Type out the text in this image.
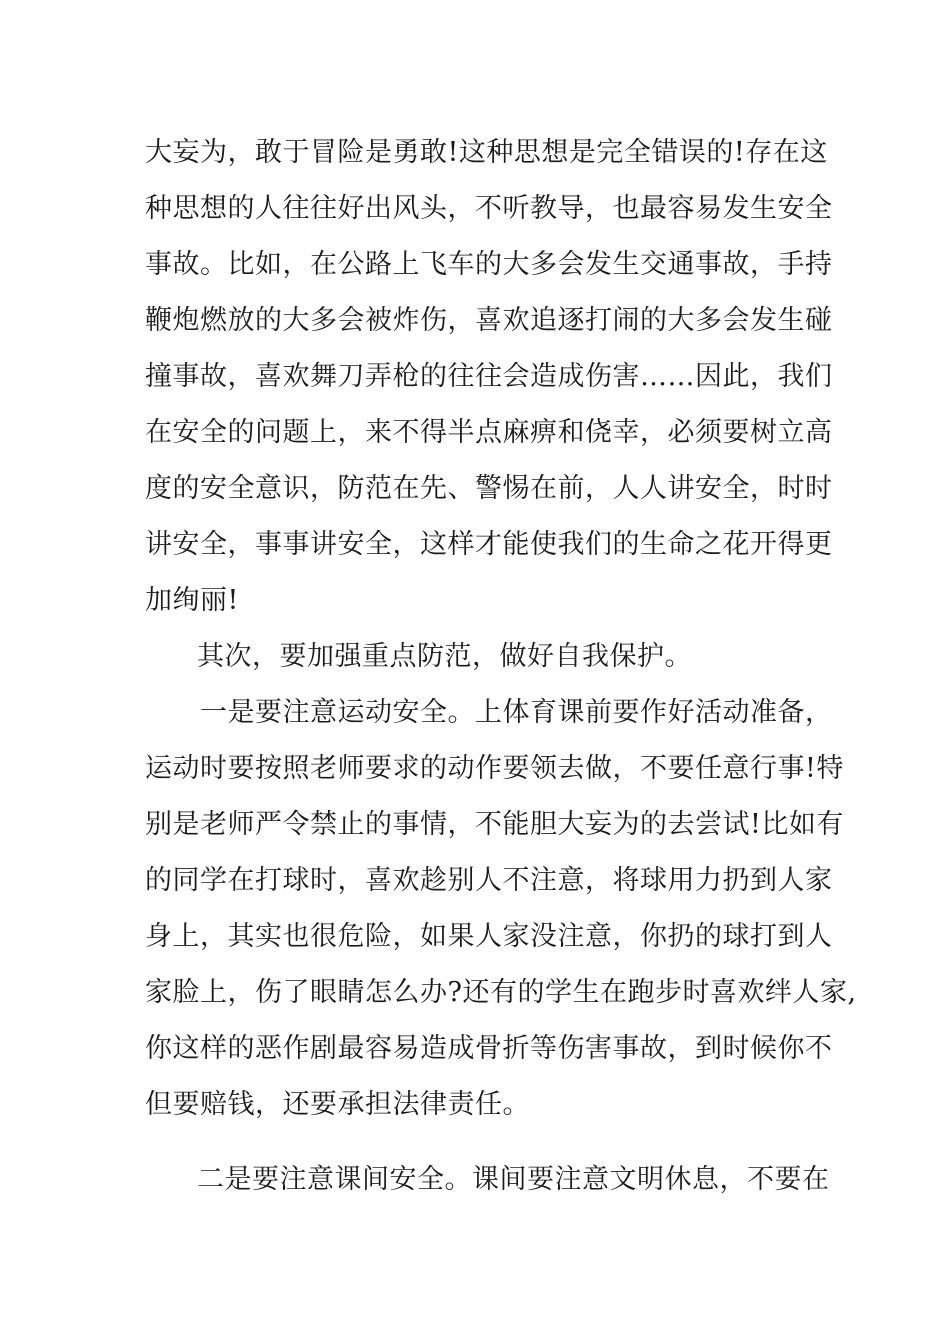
大妄为，敢于冒险是勇敢!这种思想是完全错误的!存在这
种思想的人往往好出风头，不听教导，也最容易发生安全
事故。比如，在公路上飞车的大多会发生交通事故，手持
鞭炮燃放的大多会被炸伤，喜欢追逐打闹的大多会发生碰
撞事故，喜欢舞刀弄枪的往往会造成伤害……因此，我们
在安全的问题上，来不得半点麻痹和侥幸，必须要树立高
度的安全意识，防范在先、警惕在前，人人讲安全，时时
讲安全，事事讲安全，这样才能使我们的生命之花开得更
加绚丽!
其次，要加强重点防范，做好自我保护。
一是要注意运动安全。上体育课前要作好活动准备，
运动时要按照老师要求的动作要领去做，不要任意行事!特
别是老师严令禁止的事情，不能胆大妄为的去尝试!比如有
的同学在打球时，喜欢趁别人不注意，将球用力扔到人家
身上，其实也很危险，如果人家没注意，你扔的球打到人
家脸上，伤了眼睛怎么办?还有的学生在跑步时喜欢绊人家,
你这样的恶作剧最容易造成骨折等伤害事故，到时候你不
但要赔钱，还要承担法律责任。
二是要注意课间安全。课间要注意文明休息，不要在
